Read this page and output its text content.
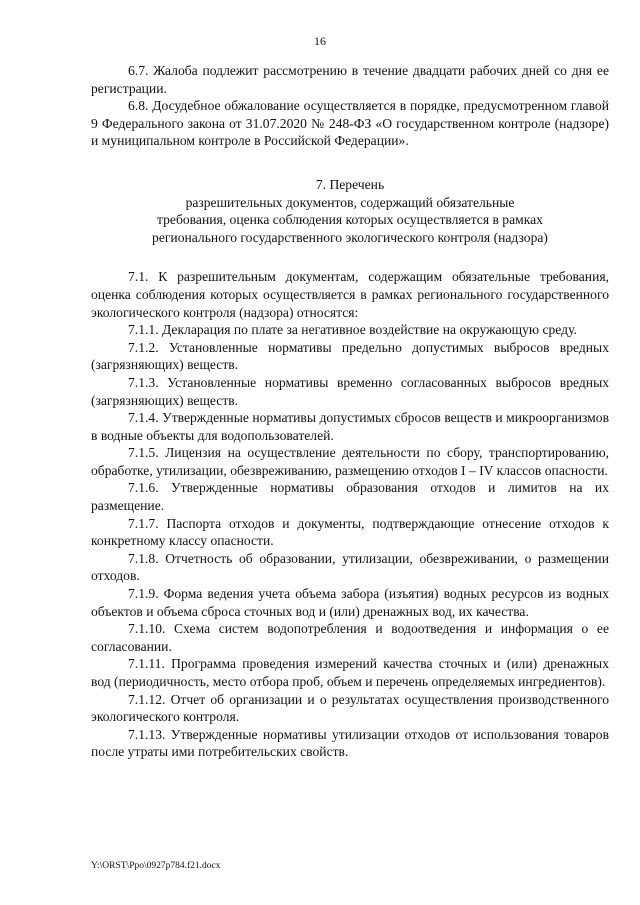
16

6.7. Жалоба подлежит рассмотрению в течение двадцати рабочих дней со дня ее регистрации.

6.8. Досудебное обжалование осуществляется в порядке, предусмотренном главой 9 Федерального закона от 31.07.2020 № 248-ФЗ «О государственном контроле (надзоре) и муниципальном контроле в Российской Федерации».

7. Перечень
разрешительных документов, содержащий обязательные
требования, оценка соблюдения которых осуществляется в рамках
регионального государственного экологического контроля (надзора)

7.1. К разрешительным документам, содержащим обязательные требования, оценка соблюдения которых осуществляется в рамках регионального государственного экологического контроля (надзора) относятся:

7.1.1. Декларация по плате за негативное воздействие на окружающую среду.

7.1.2. Установленные нормативы предельно допустимых выбросов вредных (загрязняющих) веществ.

7.1.3. Установленные нормативы временно согласованных выбросов вредных (загрязняющих) веществ.

7.1.4. Утвержденные нормативы допустимых сбросов веществ и микроорганизмов в водные объекты для водопользователей.

7.1.5. Лицензия на осуществление деятельности по сбору, транспортированию, обработке, утилизации, обезвреживанию, размещению отходов I – IV классов опасности.

7.1.6. Утвержденные нормативы образования отходов и лимитов на их размещение.

7.1.7. Паспорта отходов и документы, подтверждающие отнесение отходов к конкретному классу опасности.

7.1.8. Отчетность об образовании, утилизации, обезвреживании, о размещении отходов.

7.1.9. Форма ведения учета объема забора (изъятия) водных ресурсов из водных объектов и объема сброса сточных вод и (или) дренажных вод, их качества.

7.1.10. Схема систем водопотребления и водоотведения и информация о ее согласовании.

7.1.11. Программа проведения измерений качества сточных и (или) дренажных вод (периодичность, место отбора проб, объем и перечень определяемых ингредиентов).

7.1.12. Отчет об организации и о результатах осуществления производственного экологического контроля.

7.1.13. Утвержденные нормативы утилизации отходов от использования товаров после утраты ими потребительских свойств.

Y:\ORST\Ppo\0927p784.f21.docx
